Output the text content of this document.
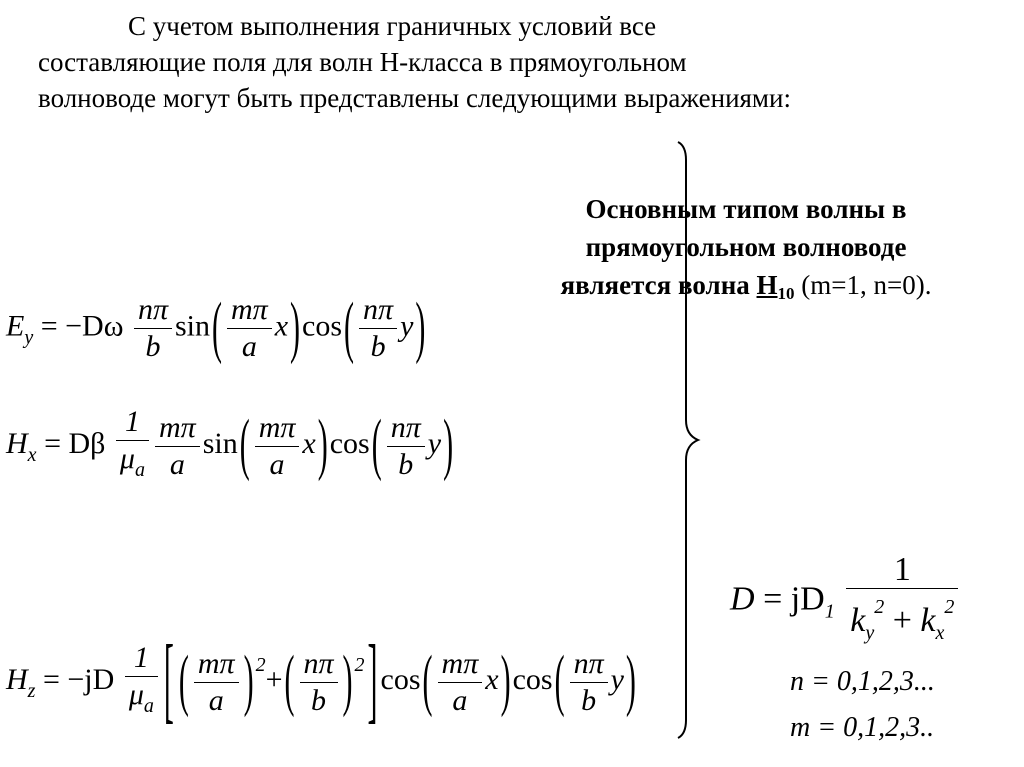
С учетом выполнения граничных условий все
составляющие поля для волн Н-класса в прямоугольном
волноводе могут быть представлены следующими выражениями:
Основным типом волны в
прямоугольном волноводе
является волна $H_{10}$ (m=1, n=0).
$E_y = -D\omega \frac{n\pi}{b} \sin( \frac{m\pi}{a} x)\cos( \frac{n\pi}{b} y)$
$H_x = D\beta \frac{1}{\mu_a} \frac{m\pi}{a} \sin( \frac{m\pi}{a} x)\cos( \frac{n\pi}{b} y)$
$H_z = -jD \frac{1}{\mu_a}$ [ ( $\frac{m\pi}{a}$ ) $^2+( \frac{n\pi}{b}$ ) $^2$ ] $\cos( \frac{m\pi}{a} x)\cos( \frac{n\pi}{b} y)$
$D = jD_1 \frac{1}{k_y^2 + k_x^2}$
n = 0,1,2,3...
m = 0,1,2,3..
